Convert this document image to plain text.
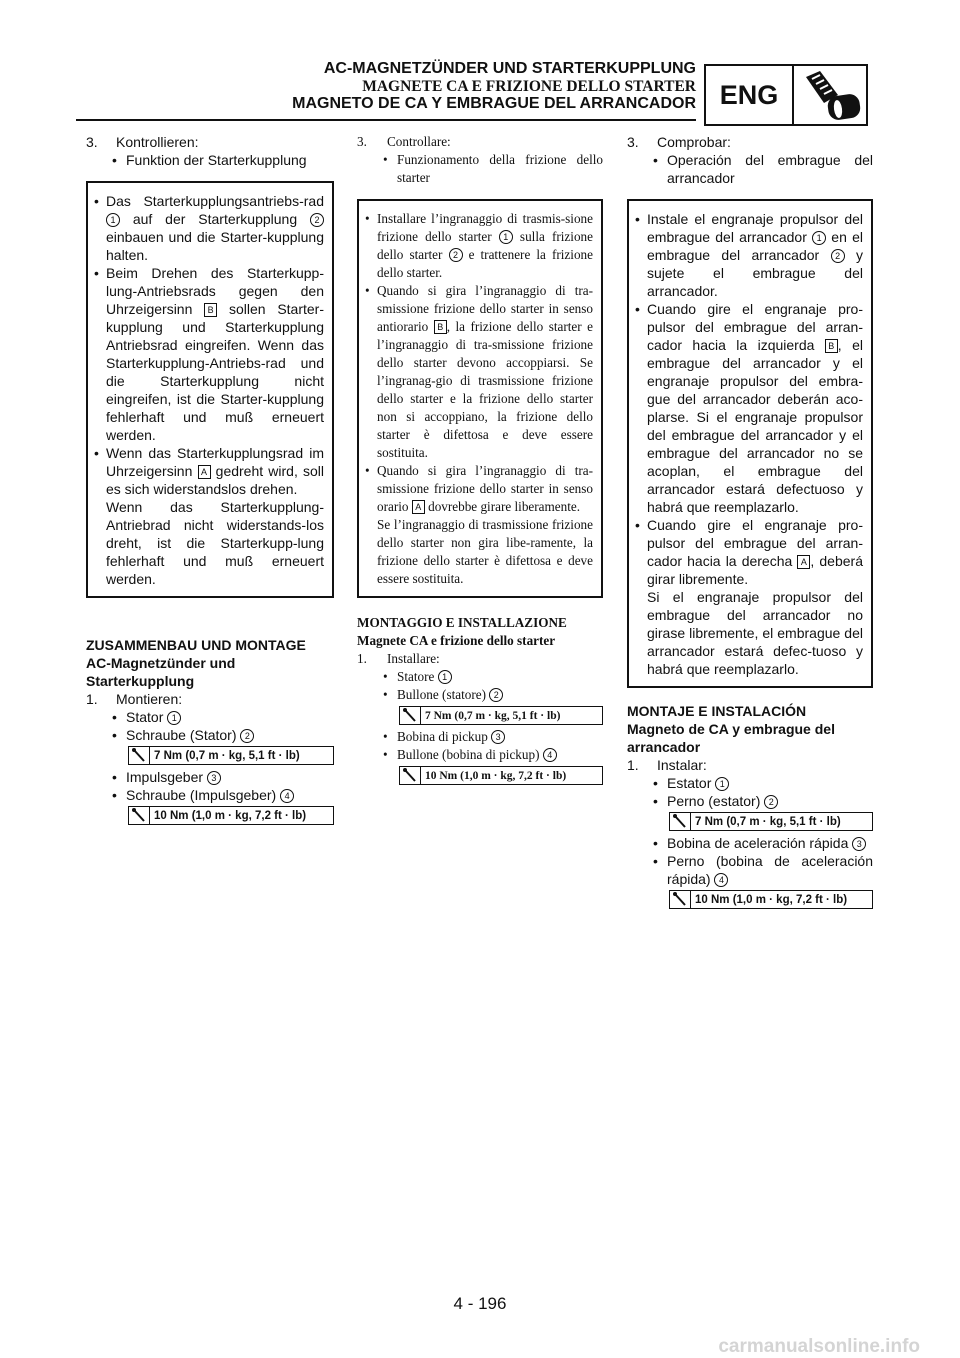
AC-MAGNETZÜNDER UND STARTERKUPPLUNG
MAGNETE CA E FRIZIONE DELLO STARTER
MAGNETO DE CA Y EMBRAGUE DEL ARRANCADOR ENG
3.	Kontrollieren:
• Funktion der Starterkupplung
• Das Starterkupplungsantriebs-rad 1 auf der Starterkupplung 2 einbauen und die Starter-kupplung halten.
• Beim Drehen des Starterkupp-lung-Antriebsrads gegen den Uhrzeigersinn B sollen Starter-kupplung und Starterkupplung Antriebsrad eingreifen. Wenn das Starterkupplung-Antriebs-rad und die Starterkupplung nicht eingreifen, ist die Starter-kupplung fehlerhaft und muß erneuert werden.
• Wenn das Starterkupplungsrad im Uhrzeigersinn A gedreht wird, soll es sich widerstandslos drehen.
Wenn das Starterkupplung-Antriebrad nicht widerstands-los dreht, ist die Starterkupp-lung fehlerhaft und muß erneuert werden.
ZUSAMMENBAU UND MONTAGE
AC-Magnetzünder und Starterkupplung
1.	Montieren:
• Stator 1
• Schraube (Stator) 2
7 Nm (0,7 m · kg, 5,1 ft · lb)
• Impulsgeber 3
• Schraube (Impulsgeber) 4
10 Nm (1,0 m · kg, 7,2 ft · lb)
3.	Controllare:
• Funzionamento della frizione dello starter
• Installare l’ingranaggio di trasmis-sione frizione dello starter 1 sulla frizione dello starter 2 e trattenere la frizione dello starter.
• Quando si gira l’ingranaggio di tra-smissione frizione dello starter in senso antiorario B , la frizione dello starter e l’ingranaggio di tra-smissione frizione dello starter devono accoppiarsi. Se l’ingranag-gio di trasmissione frizione dello starter e la frizione dello starter non si accoppiano, la frizione dello starter è difettosa e deve essere sostituita.
• Quando si gira l’ingranaggio di tra-smissione frizione dello starter in senso orario A dovrebbe girare liberamente.
Se l’ingranaggio di trasmissione frizione dello starter non gira libe-ramente, la frizione dello starter è difettosa e deve essere sostituita.
MONTAGGIO E INSTALLAZIONE
Magnete CA e frizione dello starter
1.	Installare:
• Statore 1
• Bullone (statore) 2
7 Nm (0,7 m · kg, 5,1 ft · lb)
• Bobina di pickup 3
• Bullone (bobina di pickup) 4
10 Nm (1,0 m · kg, 7,2 ft · lb)
3.	Comprobar:
• Operación del embrague del arrancador
• Instale el engranaje propulsor del embrague del arrancador 1 en el embrague del arrancador 2 y sujete el embrague del arrancador.
• Cuando gire el engranaje pro-pulsor del embrague del arran-cador hacia la izquierda B , el embrague del arrancador y el engranaje propulsor del embra-gue del arrancador deberán aco-plarse. Si el engranaje propulsor del embrague del arrancador y el embrague del arrancador no se acoplan, el embrague del arrancador estará defectuoso y habrá que reemplazarlo.
• Cuando gire el engranaje pro-pulsor del embrague del arran-cador hacia la derecha A , deberá girar libremente.
Si el engranaje propulsor del embrague del arrancador no girase libremente, el embrague del arrancador estará defec-tuoso y habrá que reemplazarlo.
MONTAJE E INSTALACIÓN
Magneto de CA y embrague del arrancador
1.	Instalar:
• Estator 1
• Perno (estator) 2
7 Nm (0,7 m · kg, 5,1 ft · lb)
• Bobina de aceleración rápida 3
• Perno (bobina de aceleración rápida) 4
10 Nm (1,0 m · kg, 7,2 ft · lb)
4 - 196
carmanualsonline.info
